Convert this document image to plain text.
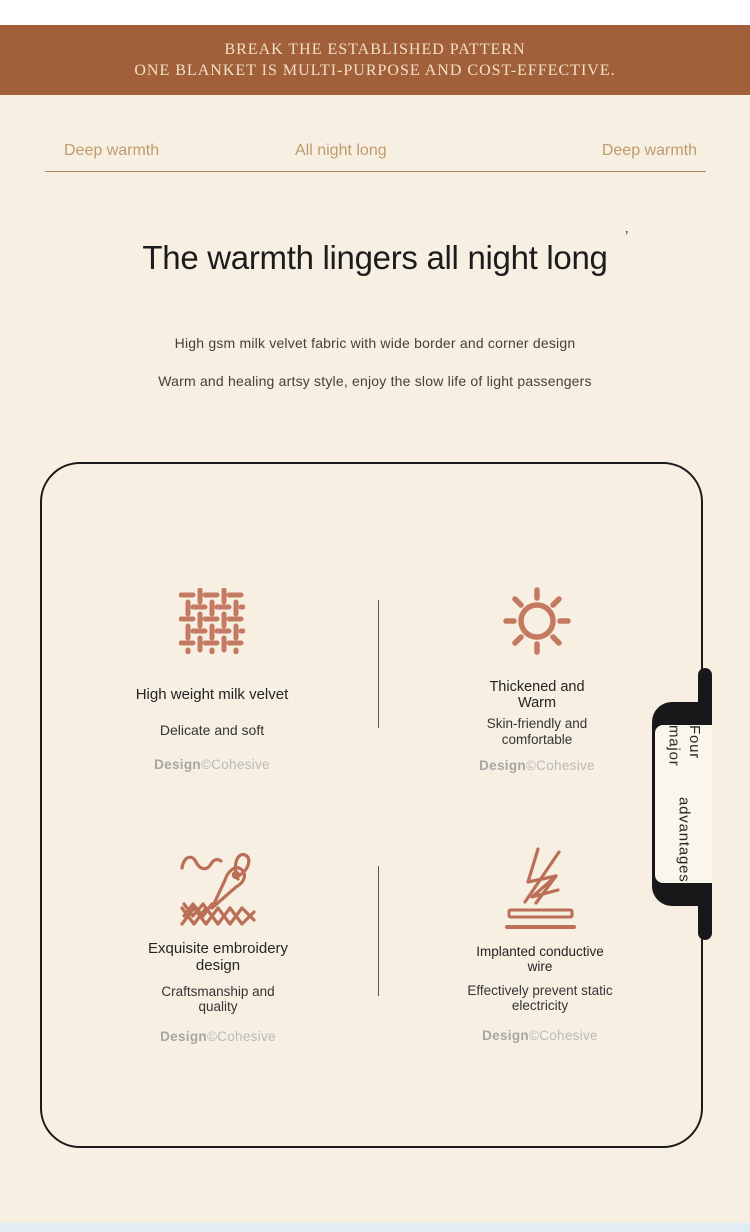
BREAK THE ESTABLISHED PATTERN
ONE BLANKET IS MULTI-PURPOSE AND COST-EFFECTIVE.
Deep warmth	All night long	Deep warmth
The warmth lingers all night long
’
High gsm milk velvet fabric with wide border and corner design
Warm and healing artsy style, enjoy the slow life of light passengers
High weight milk velvet
Delicate and soft
Design©Cohesive
Thickened and
Warm
Skin-friendly and
comfortable
Design©Cohesive
Exquisite embroidery
design
Craftsmanship and
quality
Design©Cohesive
Implanted conductive
wire
Effectively prevent static
electricity
Design©Cohesive
Four major
advantages
